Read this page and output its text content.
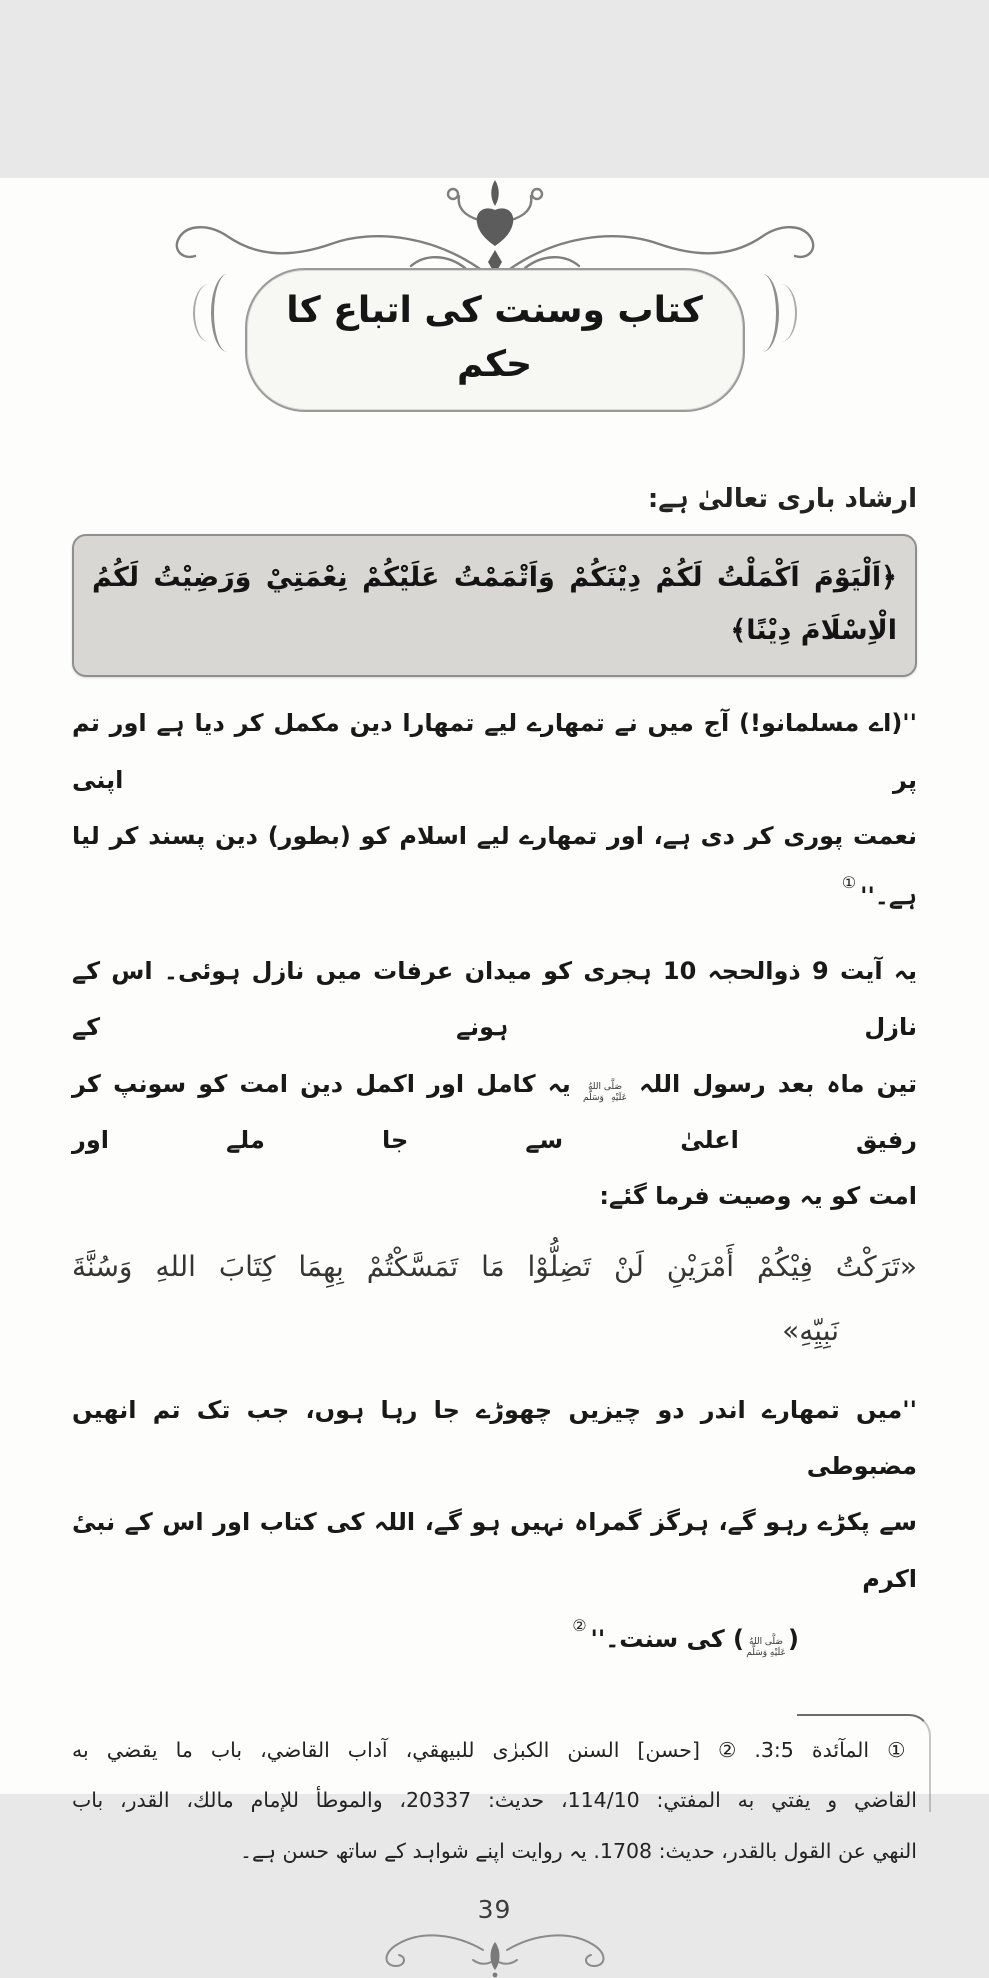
کتاب وسنت کی اتباع کا حکم

ارشاد باری تعالیٰ ہے:

﴿اَلْيَوْمَ اَكْمَلْتُ لَكُمْ دِيْنَكُمْ وَاَتْمَمْتُ عَلَيْكُمْ نِعْمَتِيْ وَرَضِيْتُ لَكُمُ
الْاِسْلَامَ دِيْنًا﴾
''(اے مسلمانو!) آج میں نے تمھارے لیے تمھارا دین مکمل کر دیا ہے اور تم پر اپنی
نعمت پوری کر دی ہے، اور تمھارے لیے اسلام کو (بطور) دین پسند کر لیا ہے۔''①
یہ آیت 9 ذوالحجہ 10 ہجری کو میدان عرفات میں نازل ہوئی۔ اس کے نازل ہونے کے
تین ماہ بعد رسول اللہ صَلَّى اللهُ عَلَيْهِ وَسَلَّم یہ کامل اور اکمل دین امت کو سونپ کر رفیق اعلیٰ سے جا ملے اور
امت کو یہ وصیت فرما گئے:
«تَرَكْتُ فِيْكُمْ أَمْرَيْنِ لَنْ تَضِلُّوْا مَا تَمَسَّكْتُمْ بِهِمَا كِتَابَ اللهِ وَسُنَّةَ
نَبِيِّهِ»
''میں تمھارے اندر دو چیزیں چھوڑے جا رہا ہوں، جب تک تم انھیں مضبوطی
سے پکڑے رہو گے، ہرگز گمراہ نہیں ہو گے، اللہ کی کتاب اور اس کے نبیٔ اکرم
(صَلَّى اللهُ عَلَيْهِ وَسَلَّم) کی سنت۔''②
① المآئدة 3:5. ② [حسن] السنن الكبرٰى للبيهقي، آداب القاضي، باب ما يقضي به
القاضي و يفتي به المفتي: 114/10، حديث: 20337، والموطأ للإمام مالك، القدر، باب
النهي عن القول بالقدر، حديث: 1708. یہ روایت اپنے شواہد کے ساتھ حسن ہے۔
39
